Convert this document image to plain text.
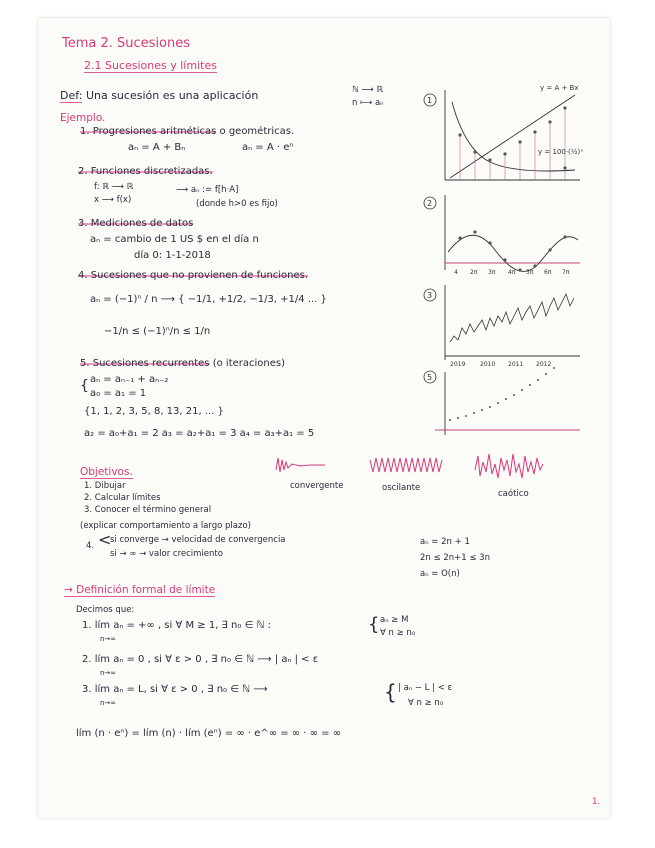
Tema 2. Sucesiones
2.1 Sucesiones y límites
Def: Una sucesión es una aplicación	ℕ ⟶ ℝ
n ⟼ aₙ
Ejemplo.
1. Progresiones aritméticas o geométricas.
aₙ = A + Bₙ	aₙ = A · eⁿ
2. Funciones discretizadas.
f: ℝ ⟶ ℝ
x ⟶ f(x)
⟶ aₙ := f[h·A]
(donde h>0 es fijo)
3. Mediciones de datos
aₙ = cambio de 1 US $ en el día n
día 0: 1-1-2018
4. Sucesiones que no provienen de funciones.
aₙ = (−1)ⁿ / n ⟶ { −1/1, +1/2, −1/3, +1/4 ... }
−1/n ≤ (−1)ⁿ/n ≤ 1/n
5. Sucesiones recurrentes (o iteraciones)
{ aₙ = aₙ₋₁ + aₙ₋₂
a₀ = a₁ = 1
{1, 1, 2, 3, 5, 8, 13, 21, ... }
a₂ = a₀+a₁ = 2 a₃ = a₂+a₁ = 3 a₄ = a₃+a₁ = 5
1
y = A + Bx
y = 100·(½)ˣ
2
4 2π 3π 4π 5π 6π 7π
3
2019 2010 2011 2012
5
Objetivos.
1. Dibujar
2. Calcular límites
3. Conocer el término general
(explicar comportamiento a largo plazo)
4. <
si converge → velocidad de convergencia
si → ∞ → valor crecimiento
aₙ = 2n + 1
2n ≤ 2n+1 ≤ 3n
aₙ = O(n)
convergente	oscilante
caótico
→ Definición formal de límite
Decimos que:
1. lím aₙ = +∞ , si ∀ M ≥ 1, ∃ n₀ ∈ ℕ :
n→∞
{ aₙ ≥ M
∀ n ≥ n₀
2. lím aₙ = 0 , si ∀ ε > 0 , ∃ n₀ ∈ ℕ ⟶ | aₙ | < ε
n→∞
3. lím aₙ = L, si ∀ ε > 0 , ∃ n₀ ∈ ℕ ⟶
n→∞	{ | aₙ − L | < ε
∀ n ≥ n₀
lím (n · eⁿ) = lím (n) · lím (eⁿ) = ∞ · e^∞ = ∞ · ∞ = ∞
1.
